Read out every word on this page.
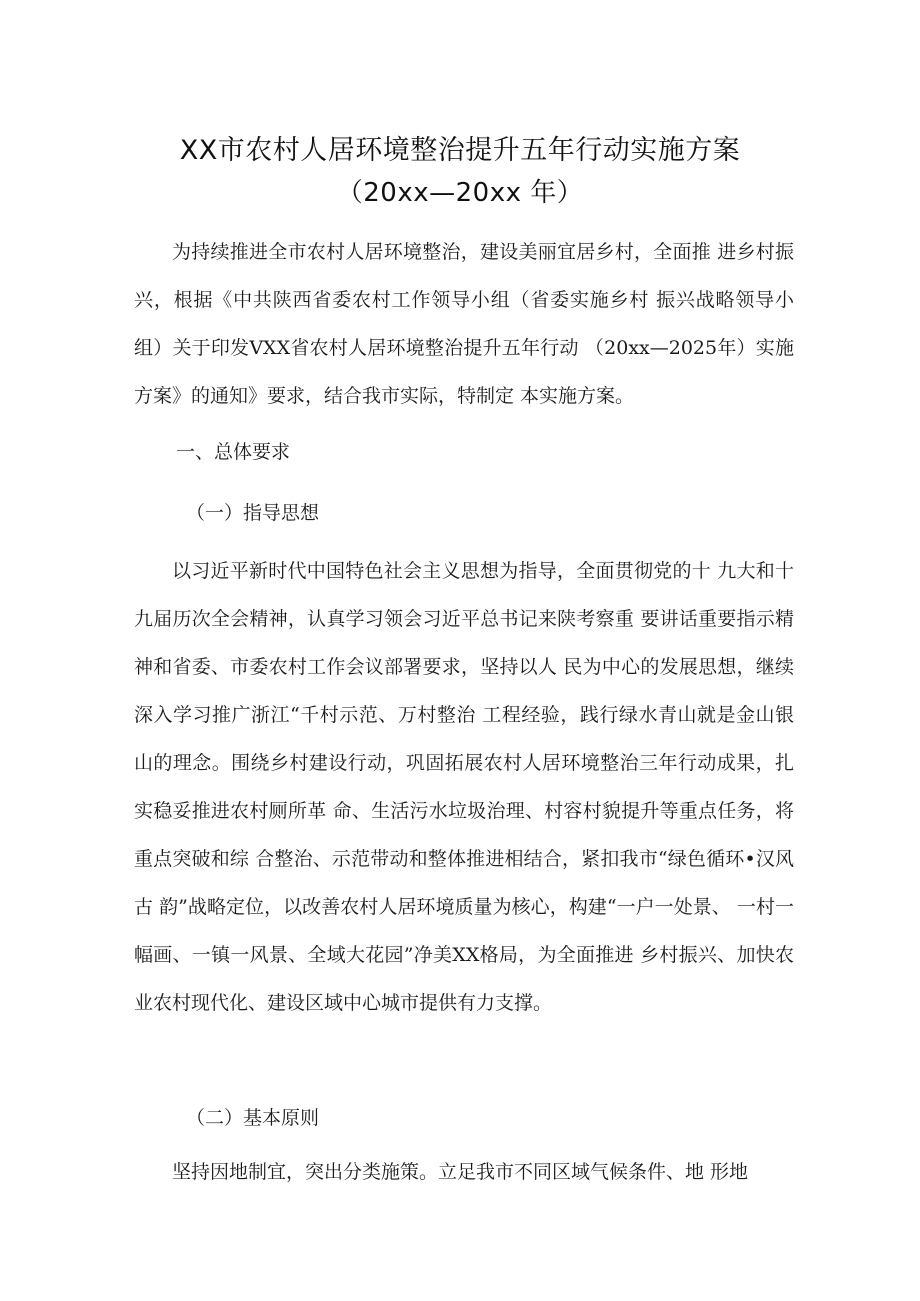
XX市农村人居环境整治提升五年行动实施方案
（20xx—20xx 年）

为持续推进全市农村人居环境整治，建设美丽宜居乡村，全面推 进乡村振兴，根据《中共陕西省委农村工作领导小组（省委实施乡村 振兴战略领导小组）关于印发VXX省农村人居环境整治提升五年行动 （20xx—2025年）实施方案》的通知》要求，结合我市实际，特制定 本实施方案。

一、总体要求

（一）指导思想

以习近平新时代中国特色社会主义思想为指导，全面贯彻党的十 九大和十九届历次全会精神，认真学习领会习近平总书记来陕考察重 要讲话重要指示精神和省委、市委农村工作会议部署要求，坚持以人 民为中心的发展思想，继续深入学习推广浙江“千村示范、万村整治 工程经验，践行绿水青山就是金山银山的理念。围绕乡村建设行动，巩固拓展农村人居环境整治三年行动成果，扎实稳妥推进农村厕所革 命、生活污水垃圾治理、村容村貌提升等重点任务，将重点突破和综 合整治、示范带动和整体推进相结合，紧扣我市“绿色循环•汉风古 韵”战略定位，以改善农村人居环境质量为核心，构建“一户一处景、 一村一幅画、一镇一风景、全域大花园”净美XX格局，为全面推进 乡村振兴、加快农业农村现代化、建设区域中心城市提供有力支撑。

（二）基本原则

坚持因地制宜，突出分类施策。立足我市不同区域气候条件、地 形地
